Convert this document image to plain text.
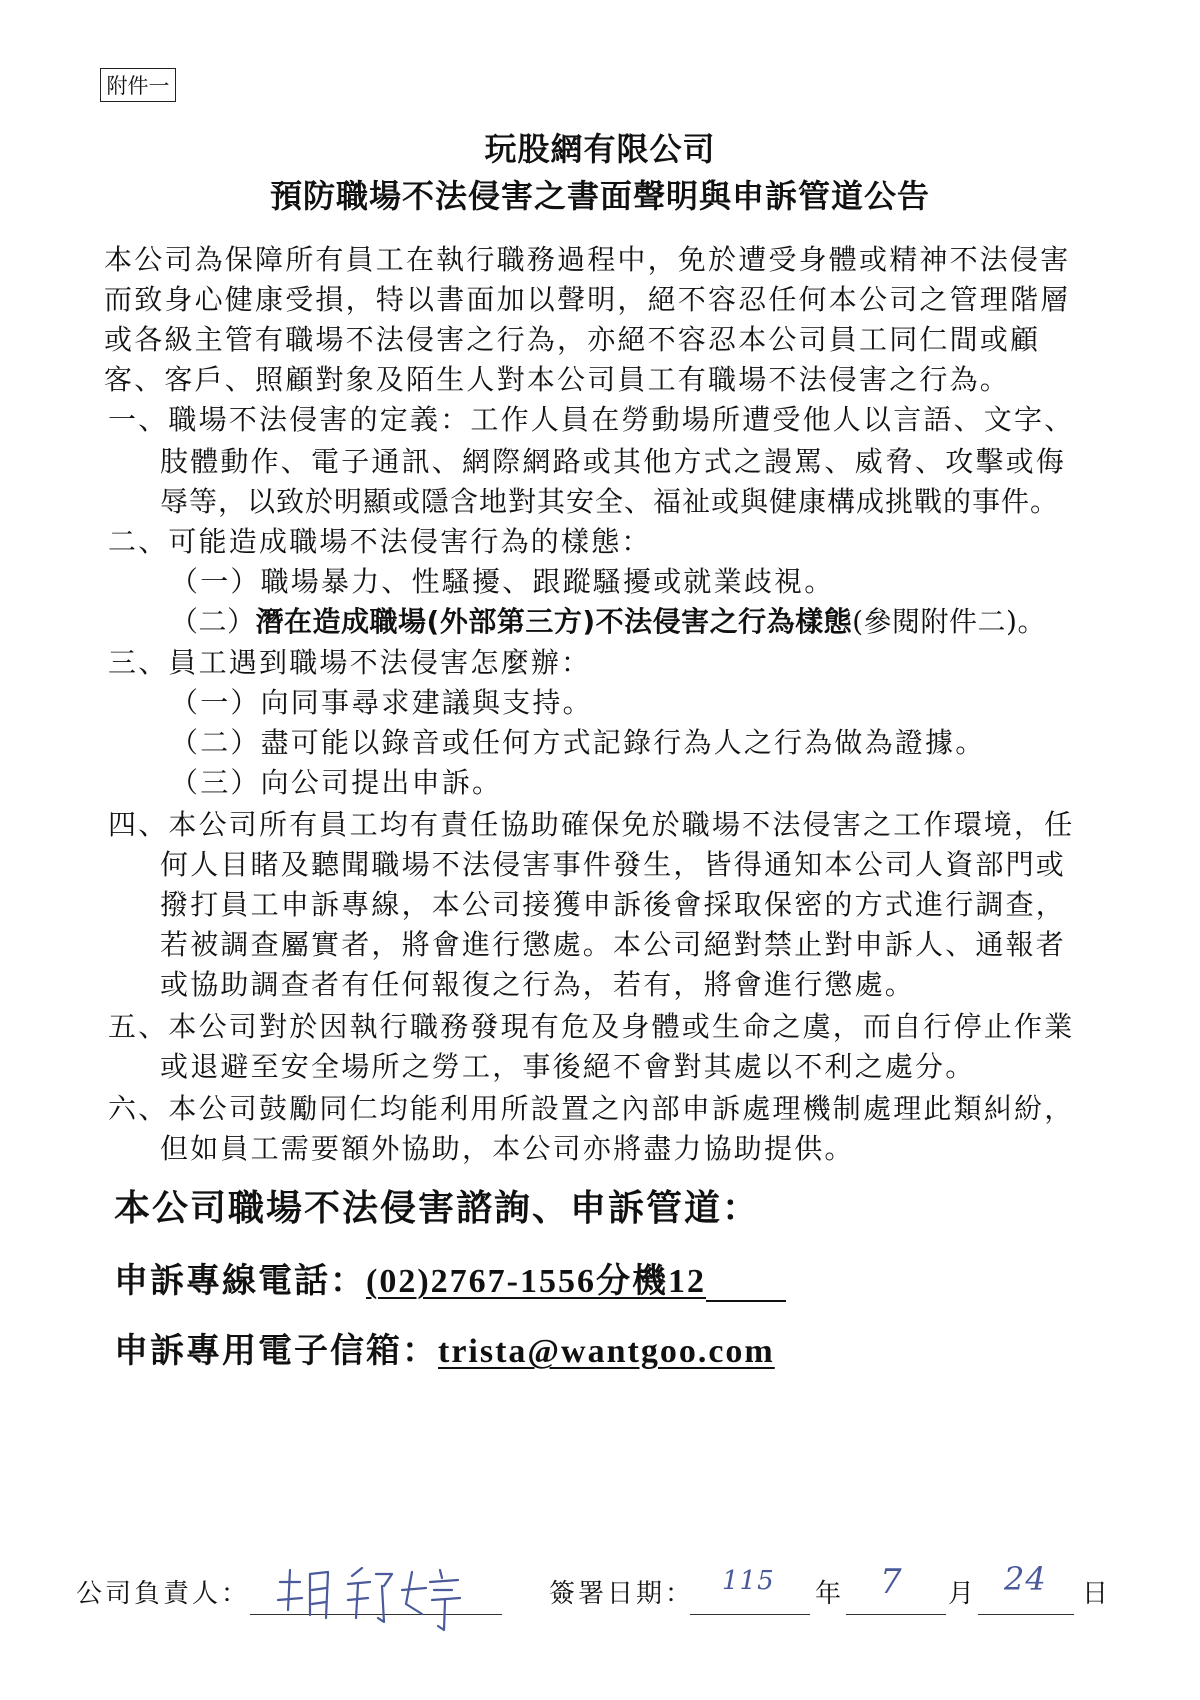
附件一
玩股網有限公司
預防職場不法侵害之書面聲明與申訴管道公告
本公司為保障所有員工在執行職務過程中，免於遭受身體或精神不法侵害
而致身心健康受損，特以書面加以聲明，絕不容忍任何本公司之管理階層
或各級主管有職場不法侵害之行為，亦絕不容忍本公司員工同仁間或顧
客、客戶、照顧對象及陌生人對本公司員工有職場不法侵害之行為。
一、職場不法侵害的定義：工作人員在勞動場所遭受他人以言語、文字、
肢體動作、電子通訊、網際網路或其他方式之謾罵、威脅、攻擊或侮
辱等，以致於明顯或隱含地對其安全、福祉或與健康構成挑戰的事件。
二、可能造成職場不法侵害行為的樣態：
（一）職場暴力、性騷擾、跟蹤騷擾或就業歧視。
（二）潛在造成職場(外部第三方)不法侵害之行為樣態(參閱附件二)。
三、員工遇到職場不法侵害怎麼辦：
（一）向同事尋求建議與支持。
（二）盡可能以錄音或任何方式記錄行為人之行為做為證據。
（三）向公司提出申訴。
四、本公司所有員工均有責任協助確保免於職場不法侵害之工作環境，任
何人目睹及聽聞職場不法侵害事件發生，皆得通知本公司人資部門或
撥打員工申訴專線，本公司接獲申訴後會採取保密的方式進行調查，
若被調查屬實者，將會進行懲處。本公司絕對禁止對申訴人、通報者
或協助調查者有任何報復之行為，若有，將會進行懲處。
五、本公司對於因執行職務發現有危及身體或生命之虞，而自行停止作業
或退避至安全場所之勞工，事後絕不會對其處以不利之處分。
六、本公司鼓勵同仁均能利用所設置之內部申訴處理機制處理此類糾紛，
但如員工需要額外協助，本公司亦將盡力協助提供。
本公司職場不法侵害諮詢、申訴管道：
申訴專線電話：(02)2767-1556分機12
申訴專用電子信箱：trista@wantgoo.com
公司負責人：	簽署日期： 115 年 7 月 24 日
